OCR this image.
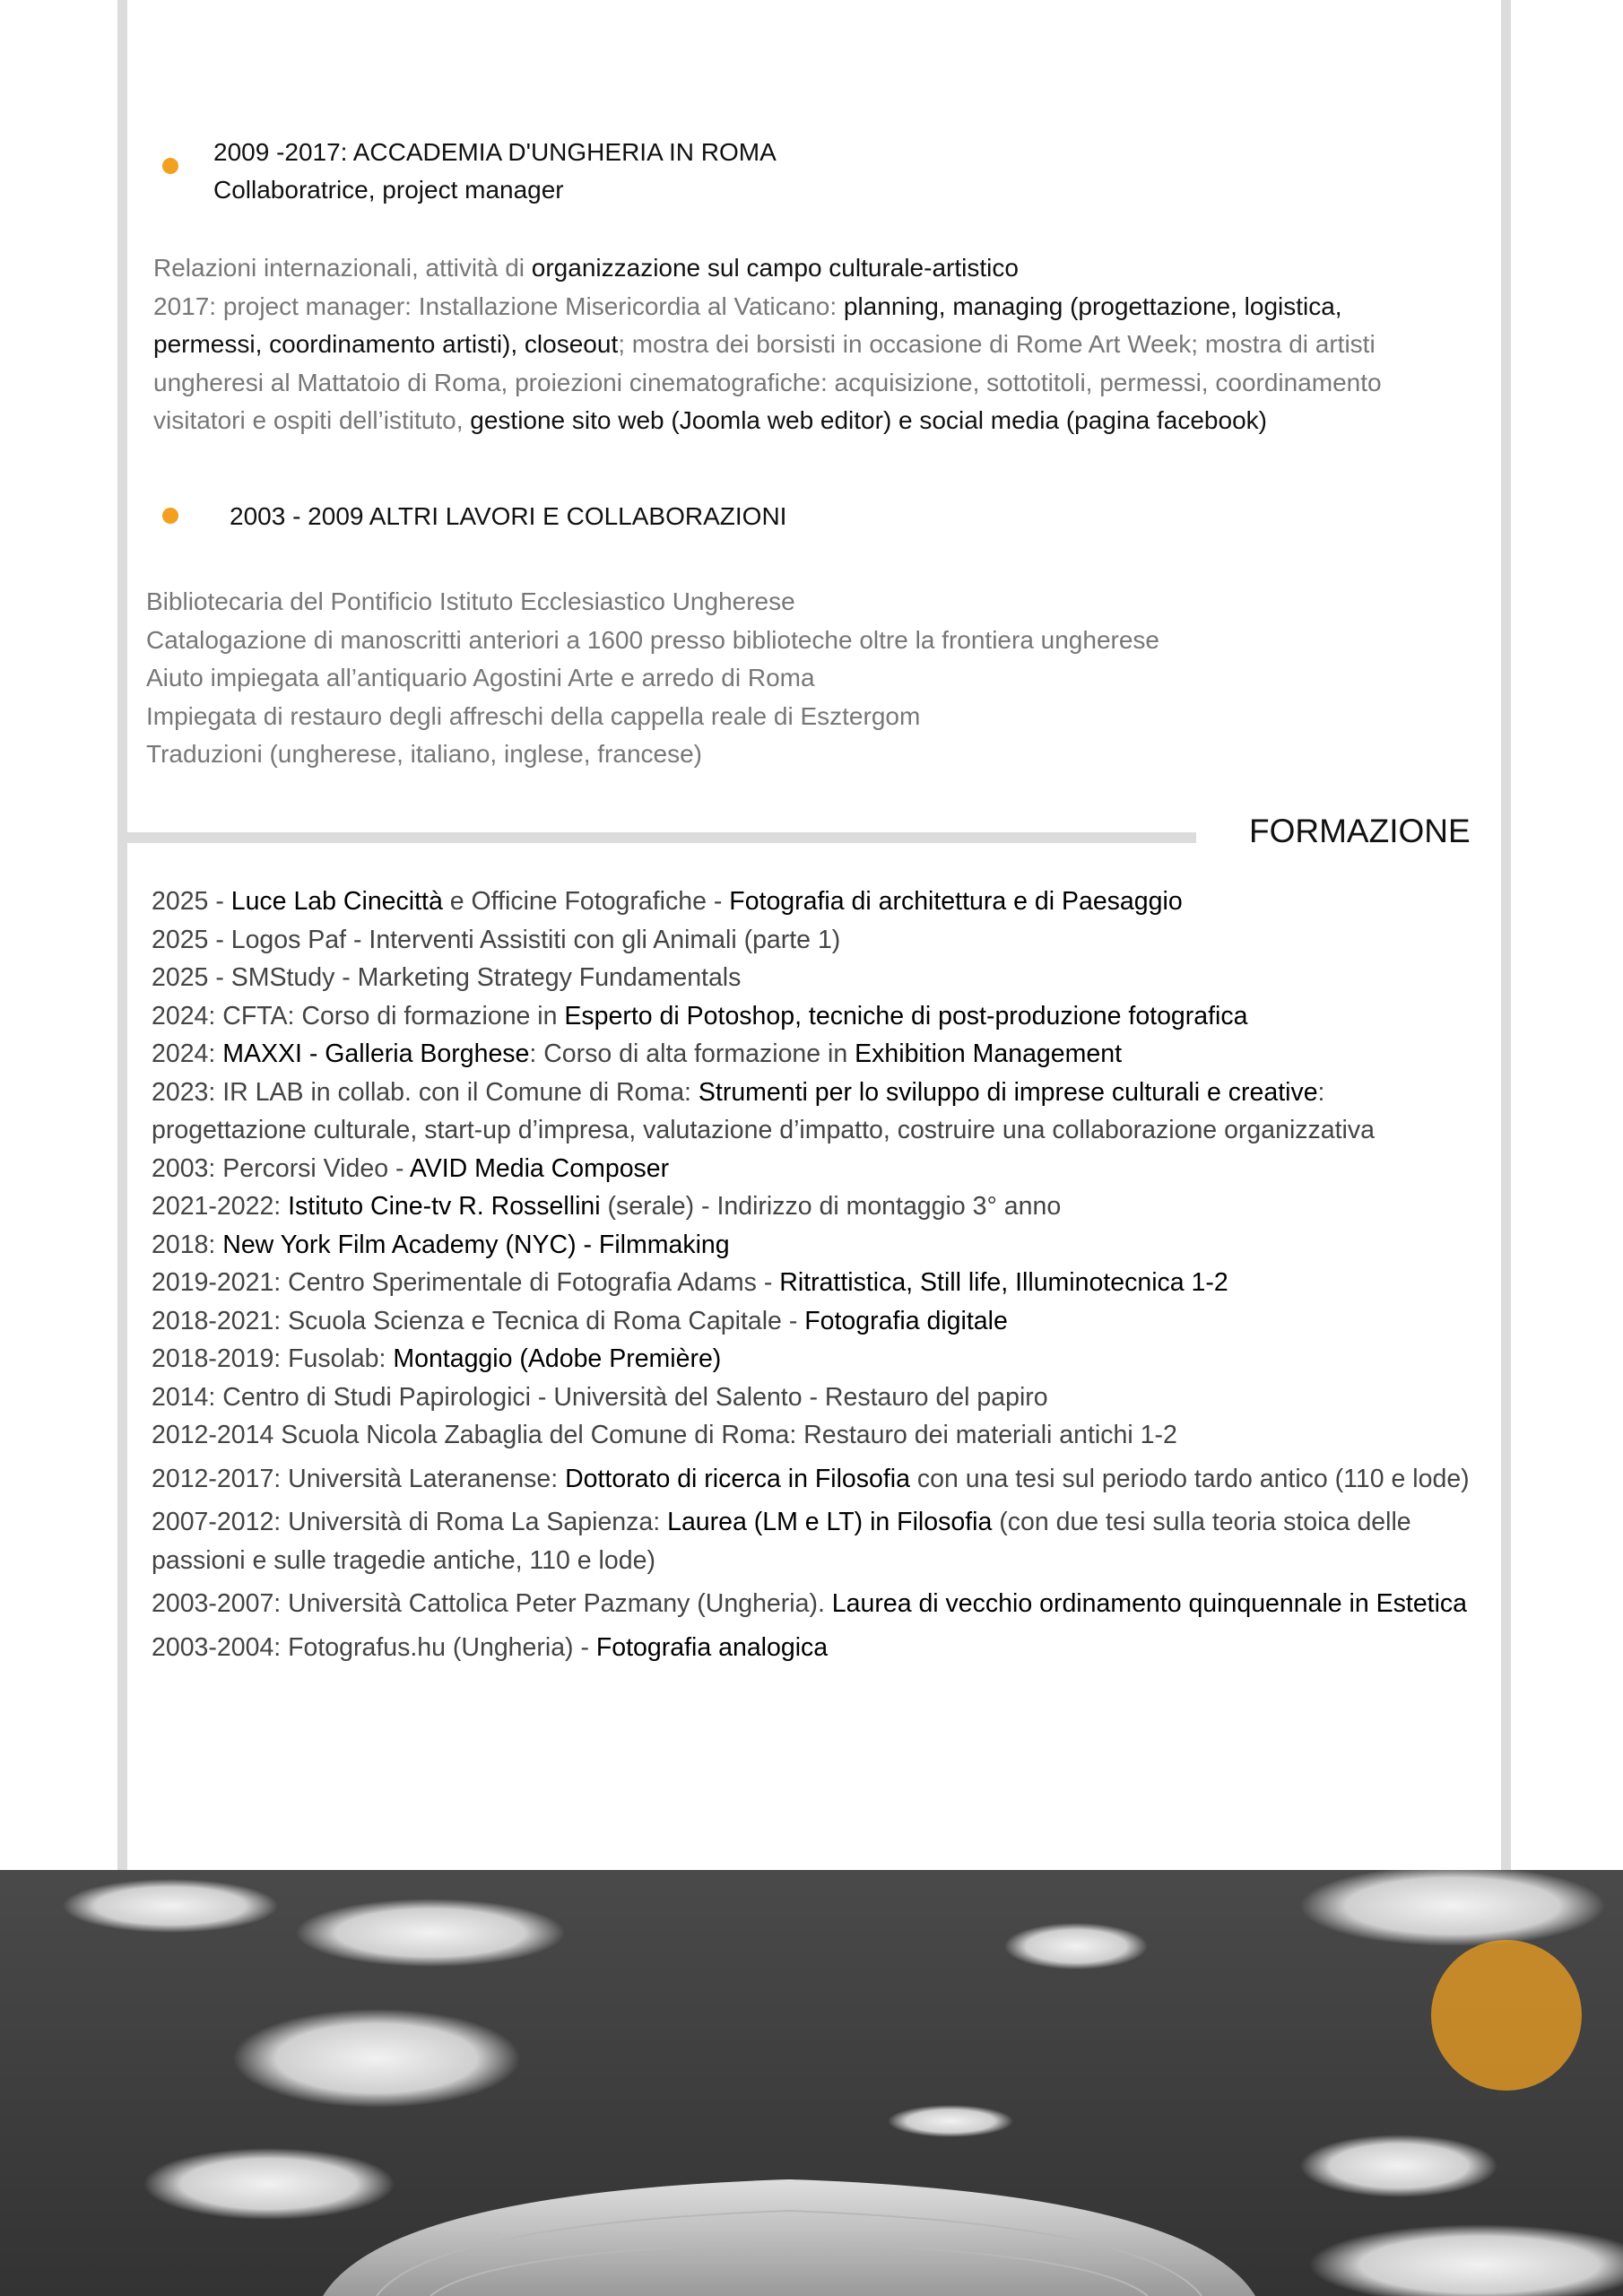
2009 -2017: ACCADEMIA D'UNGHERIA IN ROMA
Collaboratrice, project manager
Relazioni internazionali, attività di organizzazione sul campo culturale-artistico
2017: project manager: Installazione Misericordia al Vaticano: planning, managing (progettazione, logistica,
permessi, coordinamento artisti), closeout; mostra dei borsisti in occasione di Rome Art Week; mostra di artisti
ungheresi al Mattatoio di Roma, proiezioni cinematografiche: acquisizione, sottotitoli, permessi, coordinamento
visitatori e ospiti dell’istituto, gestione sito web (Joomla web editor) e social media (pagina facebook)
2003 - 2009 ALTRI LAVORI E COLLABORAZIONI
Bibliotecaria del Pontificio Istituto Ecclesiastico Ungherese
Catalogazione di manoscritti anteriori a 1600 presso biblioteche oltre la frontiera ungherese
Aiuto impiegata all’antiquario Agostini Arte e arredo di Roma
Impiegata di restauro degli affreschi della cappella reale di Esztergom
Traduzioni (ungherese, italiano, inglese, francese)
FORMAZIONE
2025 - Luce Lab Cinecittà e Officine Fotografiche - Fotografia di architettura e di Paesaggio
2025 - Logos Paf - Interventi Assistiti con gli Animali (parte 1)
2025 - SMStudy - Marketing Strategy Fundamentals
2024: CFTA: Corso di formazione in Esperto di Potoshop, tecniche di post-produzione fotografica
2024: MAXXI - Galleria Borghese: Corso di alta formazione in Exhibition Management
2023: IR LAB in collab. con il Comune di Roma: Strumenti per lo sviluppo di imprese culturali e creative:
progettazione culturale, start-up d’impresa, valutazione d’impatto, costruire una collaborazione organizzativa
2003: Percorsi Video - AVID Media Composer
2021-2022: Istituto Cine-tv R. Rossellini (serale) - Indirizzo di montaggio 3° anno
2018: New York Film Academy (NYC) - Filmmaking
2019-2021: Centro Sperimentale di Fotografia Adams - Ritrattistica, Still life, Illuminotecnica 1-2
2018-2021: Scuola Scienza e Tecnica di Roma Capitale - Fotografia digitale
2018-2019: Fusolab: Montaggio (Adobe Première)
2014: Centro di Studi Papirologici - Università del Salento - Restauro del papiro
2012-2014 Scuola Nicola Zabaglia del Comune di Roma: Restauro dei materiali antichi 1-2
2012-2017: Università Lateranense: Dottorato di ricerca in Filosofia con una tesi sul periodo tardo antico (110 e lode)
2007-2012: Università di Roma La Sapienza: Laurea (LM e LT) in Filosofia (con due tesi sulla teoria stoica delle passioni e sulle tragedie antiche, 110 e lode)
2003-2007: Università Cattolica Peter Pazmany (Ungheria). Laurea di vecchio ordinamento quinquennale in Estetica
2003-2004: Fotografus.hu (Ungheria) - Fotografia analogica
